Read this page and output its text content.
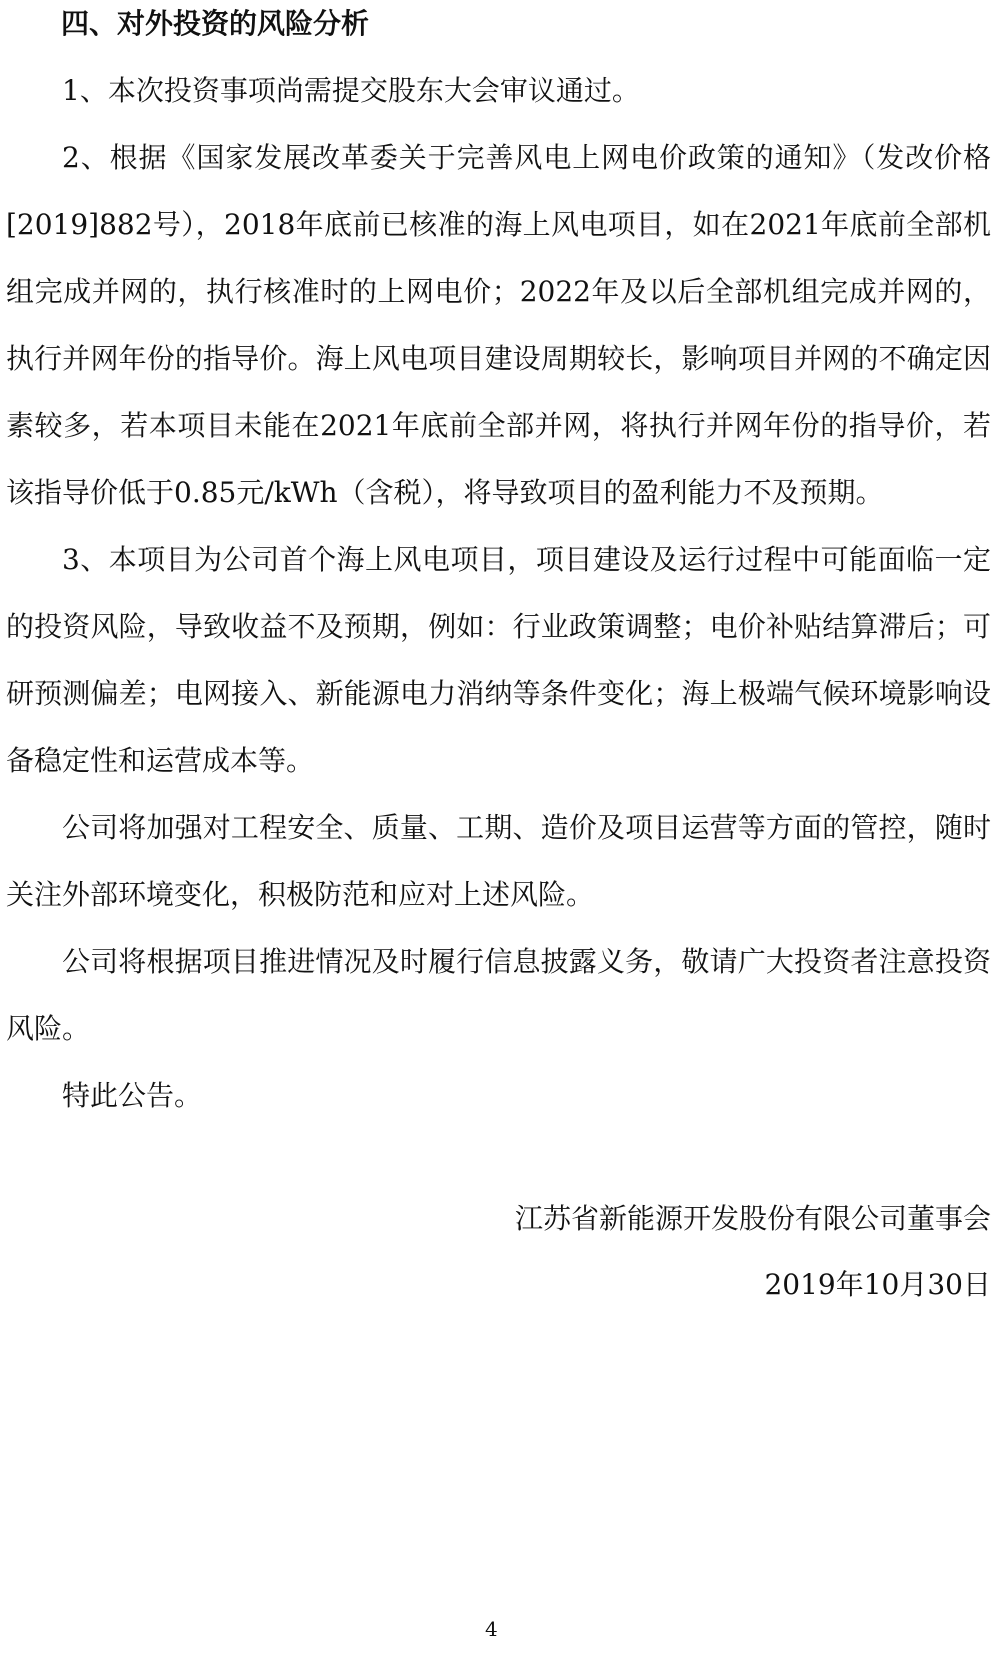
四、对外投资的风险分析

1、本次投资事项尚需提交股东大会审议通过。

2、根据《国家发展改革委关于完善风电上网电价政策的通知》（发改价格[2019]882号），2018年底前已核准的海上风电项目，如在2021年底前全部机组完成并网的，执行核准时的上网电价；2022年及以后全部机组完成并网的，执行并网年份的指导价。海上风电项目建设周期较长，影响项目并网的不确定因素较多，若本项目未能在2021年底前全部并网，将执行并网年份的指导价，若该指导价低于0.85元/kWh（含税），将导致项目的盈利能力不及预期。

3、本项目为公司首个海上风电项目，项目建设及运行过程中可能面临一定的投资风险，导致收益不及预期，例如：行业政策调整；电价补贴结算滞后；可研预测偏差；电网接入、新能源电力消纳等条件变化；海上极端气候环境影响设备稳定性和运营成本等。

公司将加强对工程安全、质量、工期、造价及项目运营等方面的管控，随时关注外部环境变化，积极防范和应对上述风险。

公司将根据项目推进情况及时履行信息披露义务，敬请广大投资者注意投资风险。

特此公告。

江苏省新能源开发股份有限公司董事会
2019年10月30日
4
